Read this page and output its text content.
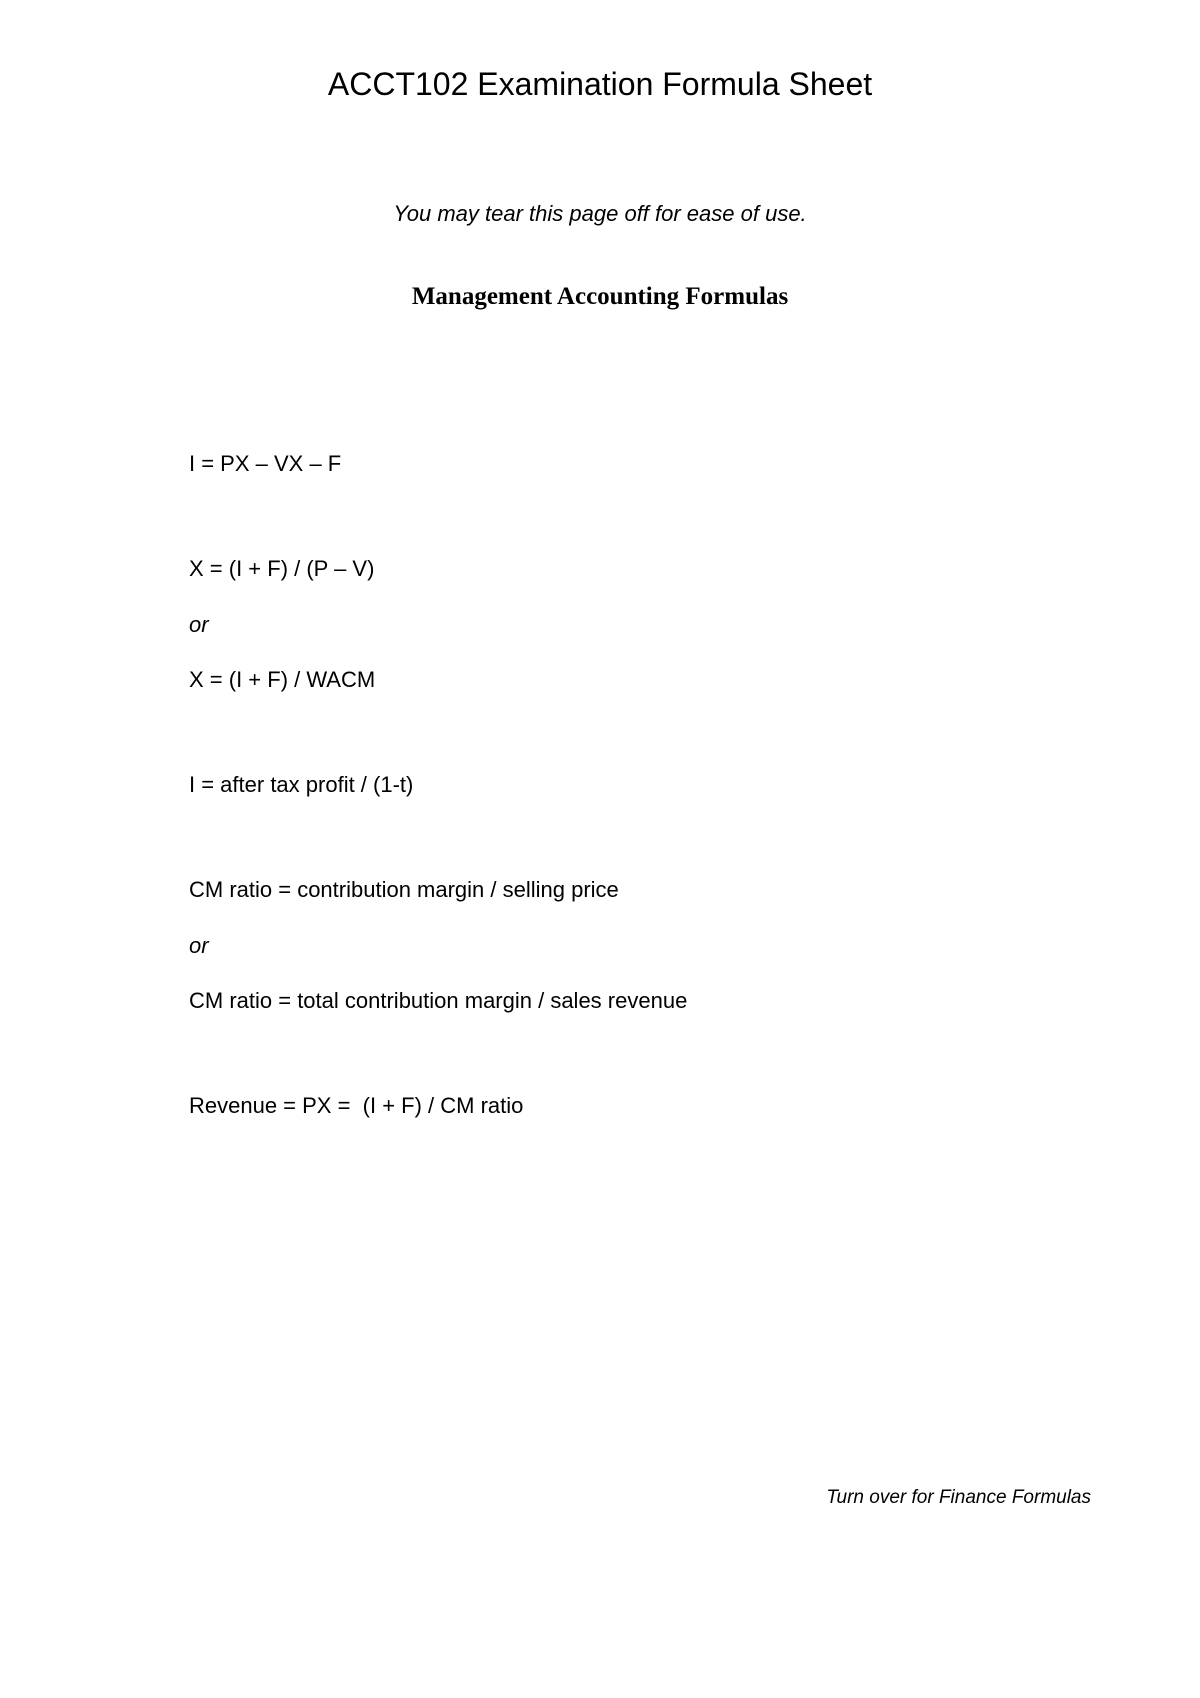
ACCT102 Examination Formula Sheet

You may tear this page off for ease of use.

Management Accounting Formulas

I = PX – VX – F

X = (I + F) / (P – V)

or

X = (I + F) / WACM

I = after tax profit / (1-t)

CM ratio = contribution margin / selling price

or

CM ratio = total contribution margin / sales revenue

Revenue = PX =  (I + F) / CM ratio

Turn over for Finance Formulas
